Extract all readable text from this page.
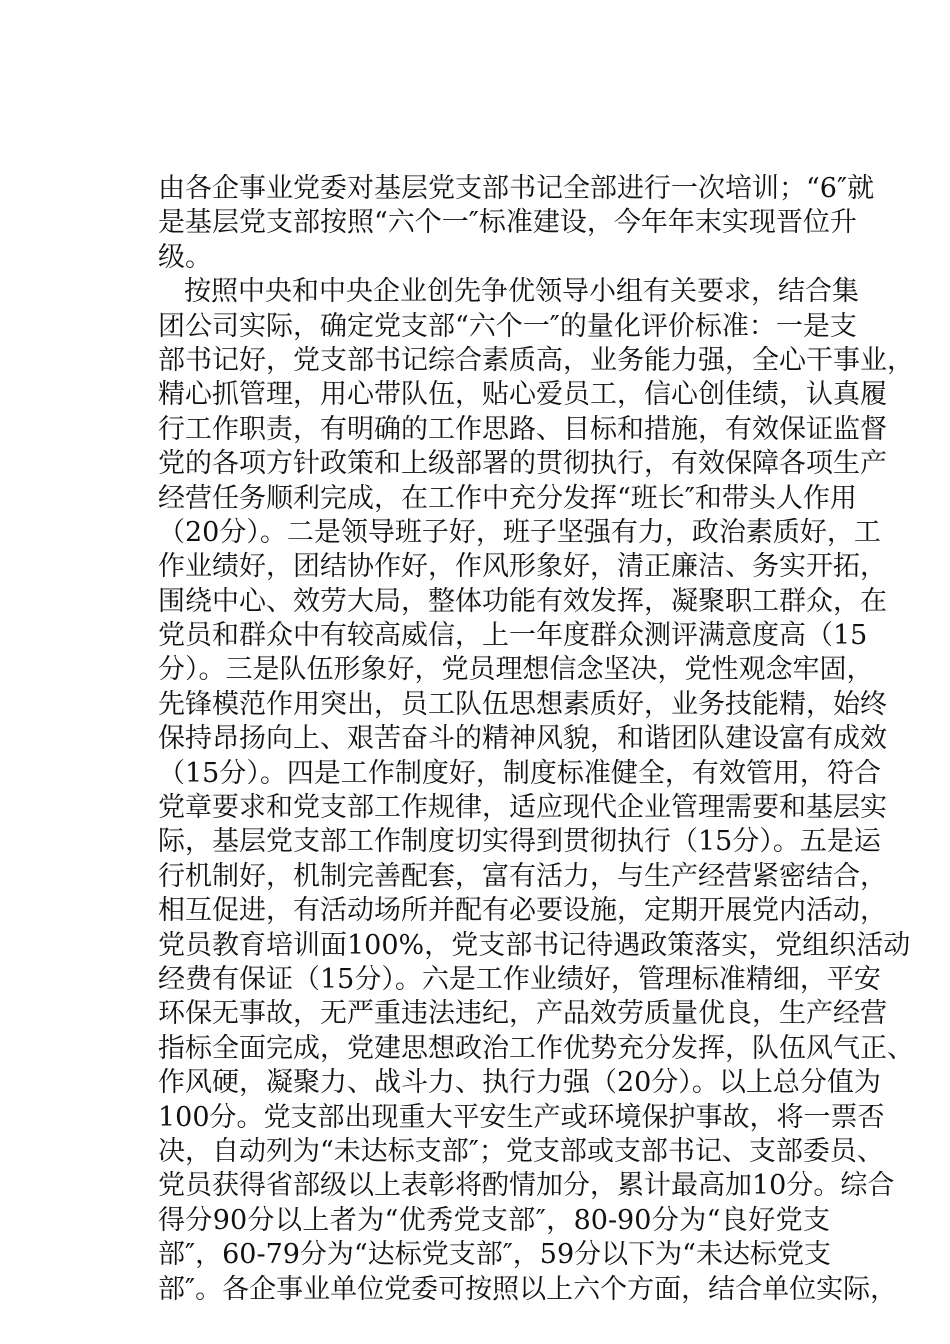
由各企事业党委对基层党支部书记全部进行一次培训；“6″就
是基层党支部按照“六个一″标准建设，今年年末实现晋位升
级。
按照中央和中央企业创先争优领导小组有关要求，结合集
团公司实际，确定党支部“六个一″的量化评价标准：一是支
部书记好，党支部书记综合素质高，业务能力强，全心干事业，
精心抓管理，用心带队伍，贴心爱员工，信心创佳绩，认真履
行工作职责，有明确的工作思路、目标和措施，有效保证监督
党的各项方针政策和上级部署的贯彻执行，有效保障各项生产
经营任务顺利完成，在工作中充分发挥“班长″和带头人作用
（20分）。二是领导班子好，班子坚强有力，政治素质好，工
作业绩好，团结协作好，作风形象好，清正廉洁、务实开拓，
围绕中心、效劳大局，整体功能有效发挥，凝聚职工群众，在
党员和群众中有较高威信，上一年度群众测评满意度高（15
分）。三是队伍形象好，党员理想信念坚决，党性观念牢固，
先锋模范作用突出，员工队伍思想素质好，业务技能精，始终
保持昂扬向上、艰苦奋斗的精神风貌，和谐团队建设富有成效
（15分）。四是工作制度好，制度标准健全，有效管用，符合
党章要求和党支部工作规律，适应现代企业管理需要和基层实
际，基层党支部工作制度切实得到贯彻执行（15分）。五是运
行机制好，机制完善配套，富有活力，与生产经营紧密结合，
相互促进，有活动场所并配有必要设施，定期开展党内活动，
党员教育培训面100%，党支部书记待遇政策落实，党组织活动
经费有保证（15分）。六是工作业绩好，管理标准精细，平安
环保无事故，无严重违法违纪，产品效劳质量优良，生产经营
指标全面完成，党建思想政治工作优势充分发挥，队伍风气正、
作风硬，凝聚力、战斗力、执行力强（20分）。以上总分值为
100分。党支部出现重大平安生产或环境保护事故，将一票否
决，自动列为“未达标支部″；党支部或支部书记、支部委员、
党员获得省部级以上表彰将酌情加分，累计最高加10分。综合
得分90分以上者为“优秀党支部″，80-90分为“良好党支
部″，60-79分为“达标党支部″，59分以下为“未达标党支
部″。各企事业单位党委可按照以上六个方面，结合单位实际，
